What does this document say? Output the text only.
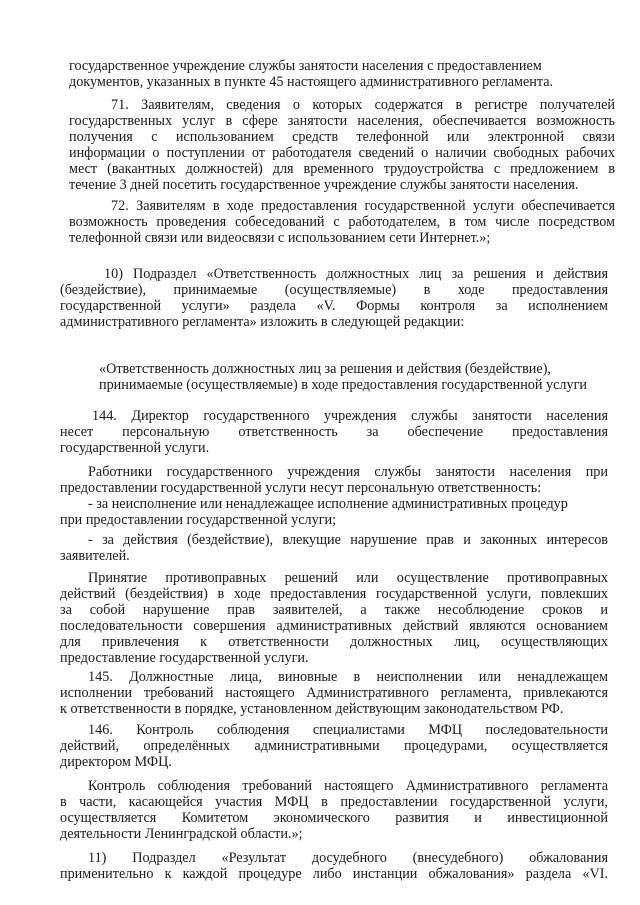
государственное учреждение службы занятости населения с предоставлением

документов, указанных в пункте 45 настоящего административного регламента.

71. Заявителям, сведения о которых содержатся в регистре получателей

государственных услуг в сфере занятости населения, обеспечивается возможность

получения с использованием средств телефонной или электронной связи

информации о поступлении от работодателя сведений о наличии свободных рабочих

мест (вакантных должностей) для временного трудоустройства с предложением в

течение 3 дней посетить государственное учреждение службы занятости населения.

72. Заявителям в ходе предоставления государственной услуги обеспечивается

возможность проведения собеседований с работодателем, в том числе посредством

телефонной связи или видеосвязи с использованием сети Интернет.»;

10) Подраздел «Ответственность должностных лиц за решения и действия

(бездействие), принимаемые (осуществляемые) в ходе предоставления

государственной услуги» раздела «V. Формы контроля за исполнением

административного регламента» изложить в следующей редакции:

«Ответственность должностных лиц за решения и действия (бездействие),

принимаемые (осуществляемые) в ходе предоставления государственной услуги

144. Директор государственного учреждения службы занятости населения

несет персональную ответственность за обеспечение предоставления

государственной услуги.

Работники государственного учреждения службы занятости населения при

предоставлении государственной услуги несут персональную ответственность:

- за неисполнение или ненадлежащее исполнение административных процедур

при предоставлении государственной услуги;

- за действия (бездействие), влекущие нарушение прав и законных интересов

заявителей.

Принятие противоправных решений или осуществление противоправных

действий (бездействия) в ходе предоставления государственной услуги, повлекших

за собой нарушение прав заявителей, а также несоблюдение сроков и

последовательности совершения административных действий являются основанием

для привлечения к ответственности должностных лиц, осуществляющих

предоставление государственной услуги.

145. Должностные лица, виновные в неисполнении или ненадлежащем

исполнении требований настоящего Административного регламента, привлекаются

к ответственности в порядке, установленном действующим законодательством РФ.

146. Контроль соблюдения специалистами МФЦ последовательности

действий, определённых административными процедурами, осуществляется

директором МФЦ.

Контроль соблюдения требований настоящего Административного регламента

в части, касающейся участия МФЦ в предоставлении государственной услуги,

осуществляется Комитетом экономического развития и инвестиционной

деятельности Ленинградской области.»;

11) Подраздел «Результат досудебного (внесудебного) обжалования

применительно к каждой процедуре либо инстанции обжалования» раздела «VI.
